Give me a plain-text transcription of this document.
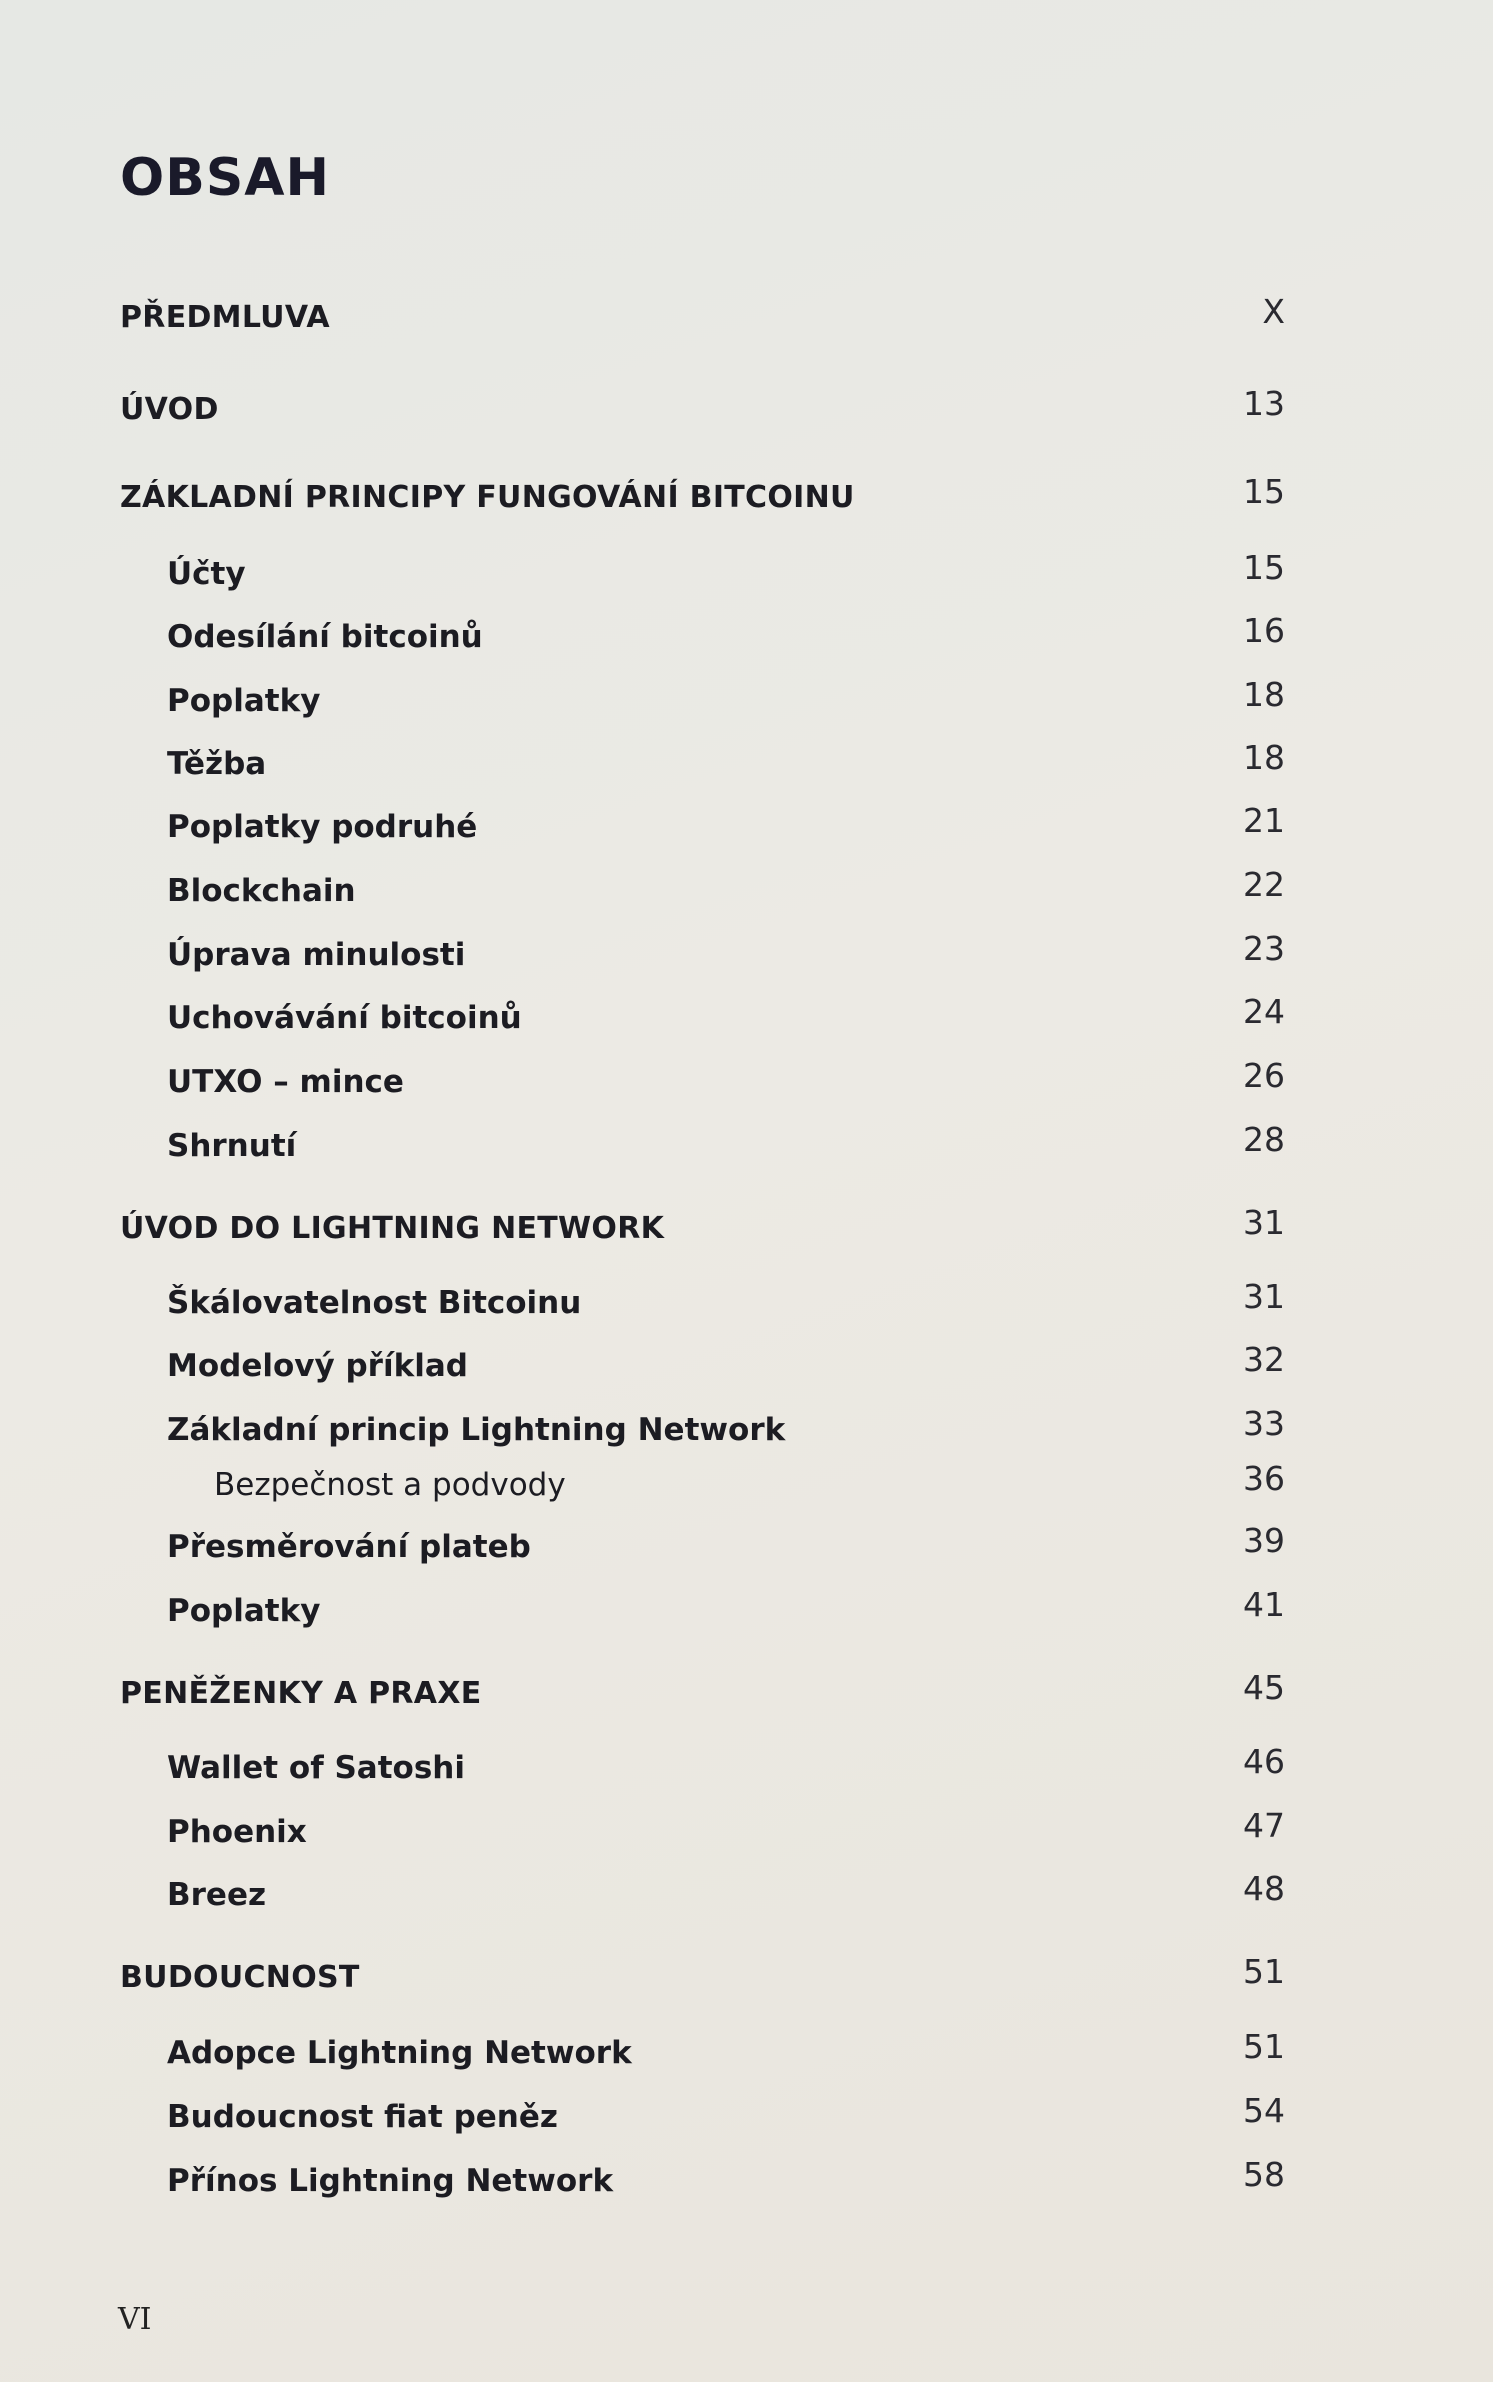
OBSAH
PŘEDMLUVA	X
ÚVOD	13
ZÁKLADNÍ PRINCIPY FUNGOVÁNÍ BITCOINU	15
Účty	15
Odesílání bitcoinů	16
Poplatky	18
Těžba	18
Poplatky podruhé	21
Blockchain	22
Úprava minulosti	23
Uchovávání bitcoinů	24
UTXO – mince	26
Shrnutí	28
ÚVOD DO LIGHTNING NETWORK	31
Škálovatelnost Bitcoinu	31
Modelový příklad	32
Základní princip Lightning Network	33
Bezpečnost a podvody	36
Přesměrování plateb	39
Poplatky	41
PENĚŽENKY A PRAXE	45
Wallet of Satoshi	46
Phoenix	47
Breez	48
BUDOUCNOST	51
Adopce Lightning Network	51
Budoucnost fiat peněz	54
Přínos Lightning Network	58
VI
